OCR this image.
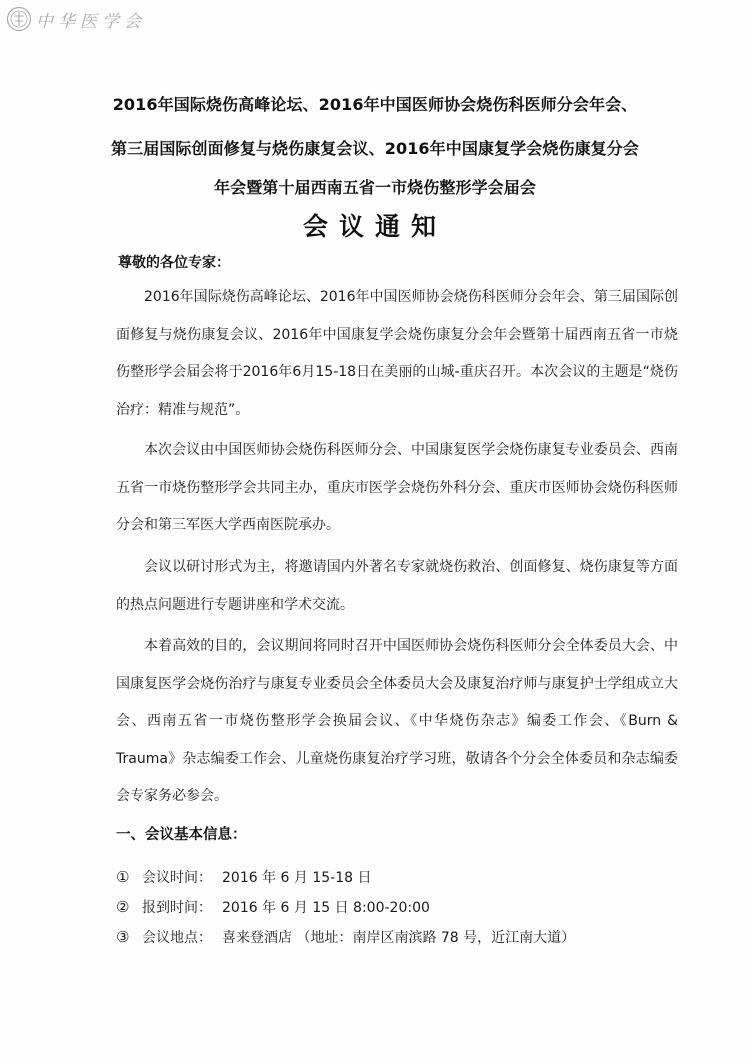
中华医学会
2016年国际烧伤高峰论坛、2016年中国医师协会烧伤科医师分会年会、
第三届国际创面修复与烧伤康复会议、2016年中国康复学会烧伤康复分会
年会暨第十届西南五省一市烧伤整形学会届会
会议通知
尊敬的各位专家：

2016年国际烧伤高峰论坛、2016年中国医师协会烧伤科医师分会年会、第三届国际创面修复与烧伤康复会议、2016年中国康复学会烧伤康复分会年会暨第十届西南五省一市烧伤整形学会届会将于2016年6月15-18日在美丽的山城-重庆召开。本次会议的主题是“烧伤治疗：精准与规范”。

本次会议由中国医师协会烧伤科医师分会、中国康复医学会烧伤康复专业委员会、西南五省一市烧伤整形学会共同主办，重庆市医学会烧伤外科分会、重庆市医师协会烧伤科医师分会和第三军医大学西南医院承办。

会议以研讨形式为主，将邀请国内外著名专家就烧伤救治、创面修复、烧伤康复等方面的热点问题进行专题讲座和学术交流。

本着高效的目的，会议期间将同时召开中国医师协会烧伤科医师分会全体委员大会、中国康复医学会烧伤治疗与康复专业委员会全体委员大会及康复治疗师与康复护士学组成立大会、西南五省一市烧伤整形学会换届会议、《中华烧伤杂志》编委工作会、《Burn & Trauma》杂志编委工作会、儿童烧伤康复治疗学习班，敬请各个分会全体委员和杂志编委会专家务必参会。

一、会议基本信息：
① 会议时间： 2016 年 6 月 15-18 日
② 报到时间： 2016 年 6 月 15 日 8:00-20:00
③ 会议地点： 喜来登酒店 （地址：南岸区南滨路 78 号，近江南大道）
